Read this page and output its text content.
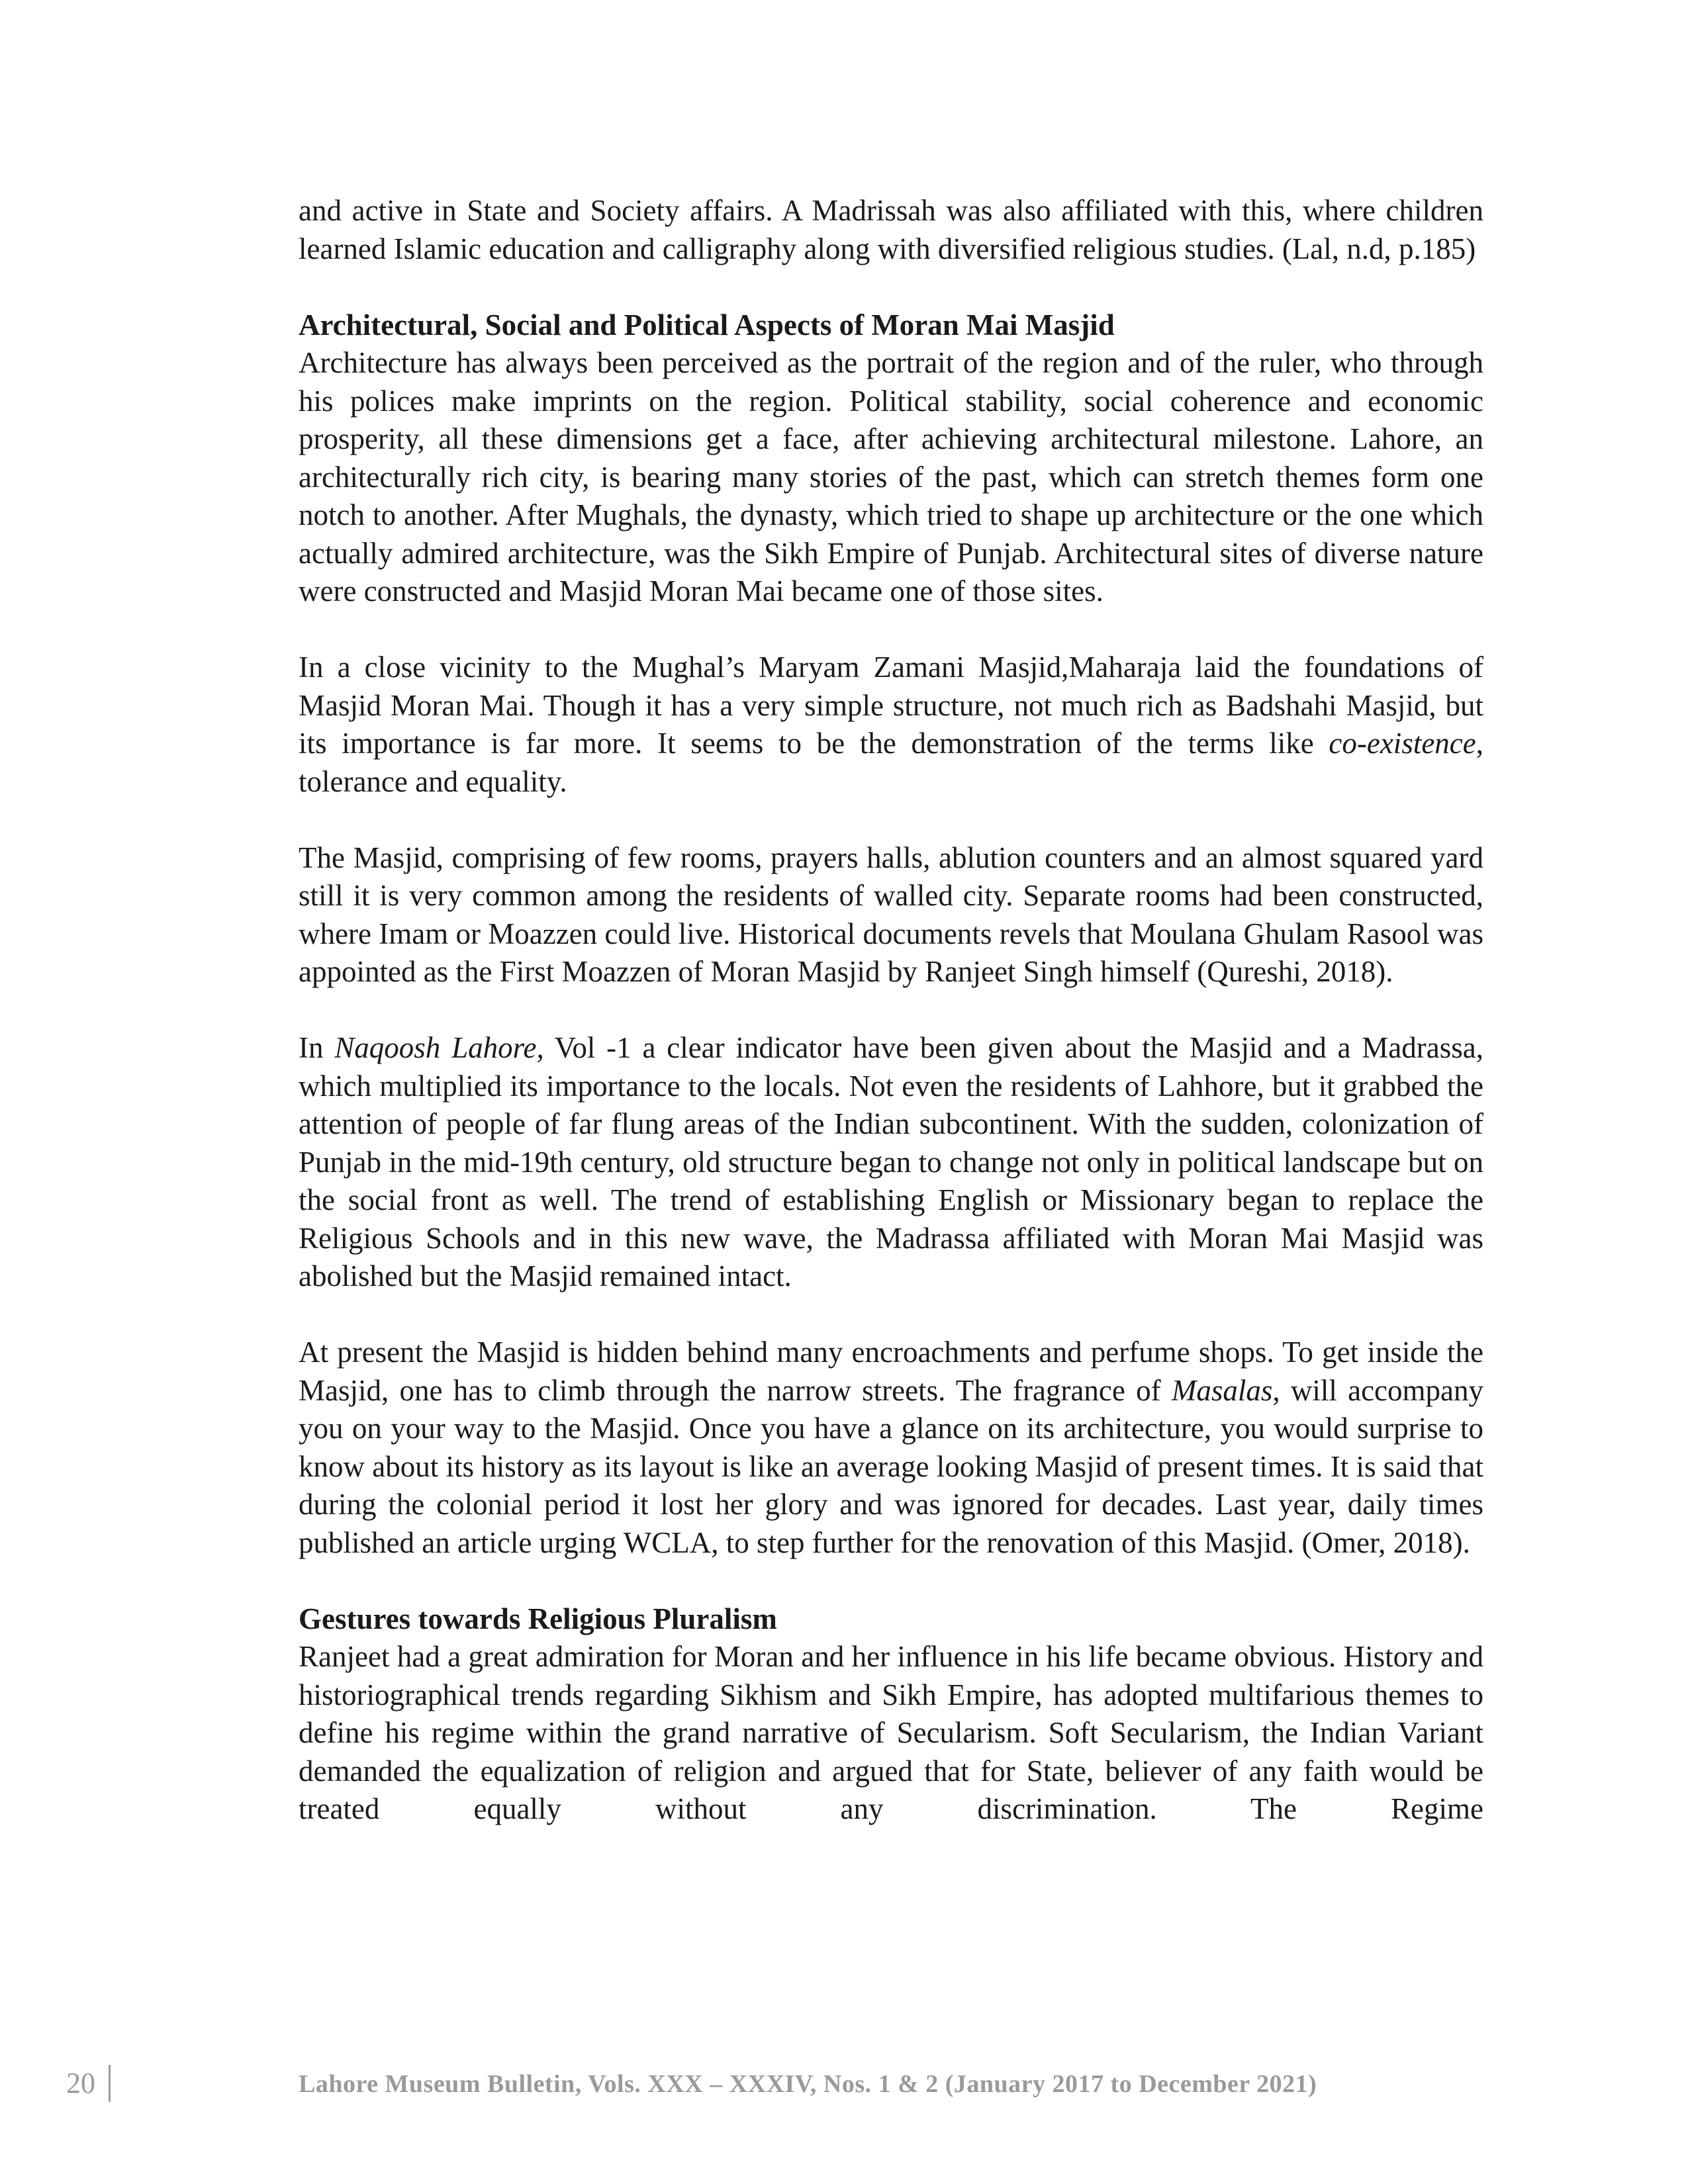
and active in State and Society affairs. A Madrissah was also affiliated with this, where children learned Islamic education and calligraphy along with diversified religious studies. (Lal, n.d, p.185)

Architectural, Social and Political Aspects of Moran Mai Masjid

Architecture has always been perceived as the portrait of the region and of the ruler, who through his polices make imprints on the region. Political stability, social coherence and economic prosperity, all these dimensions get a face, after achieving architectural milestone. Lahore, an architecturally rich city, is bearing many stories of the past, which can stretch themes form one notch to another. After Mughals, the dynasty, which tried to shape up architecture or the one which actually admired architecture, was the Sikh Empire of Punjab. Architectural sites of diverse nature were constructed and Masjid Moran Mai became one of those sites.

In a close vicinity to the Mughal’s Maryam Zamani Masjid,Maharaja laid the foundations of Masjid Moran Mai. Though it has a very simple structure, not much rich as Badshahi Masjid, but its importance is far more. It seems to be the demonstration of the terms like co-existence, tolerance and equality.

The Masjid, comprising of few rooms, prayers halls, ablution counters and an almost squared yard still it is very common among the residents of walled city. Separate rooms had been constructed, where Imam or Moazzen could live. Historical documents revels that Moulana Ghulam Rasool was appointed as the First Moazzen of Moran Masjid by Ranjeet Singh himself (Qureshi, 2018).

In Naqoosh Lahore, Vol -1 a clear indicator have been given about the Masjid and a Madrassa, which multiplied its importance to the locals. Not even the residents of Lahhore, but it grabbed the attention of people of far flung areas of the Indian subcontinent. With the sudden, colonization of Punjab in the mid-19th century, old structure began to change not only in political landscape but on the social front as well. The trend of establishing English or Missionary began to replace the Religious Schools and in this new wave, the Madrassa affiliated with Moran Mai Masjid was abolished but the Masjid remained intact.

At present the Masjid is hidden behind many encroachments and perfume shops. To get inside the Masjid, one has to climb through the narrow streets. The fragrance of Masalas, will accompany you on your way to the Masjid. Once you have a glance on its architecture, you would surprise to know about its history as its layout is like an average looking Masjid of present times. It is said that during the colonial period it lost her glory and was ignored for decades. Last year, daily times published an article urging WCLA, to step further for the renovation of this Masjid. (Omer, 2018).

Gestures towards Religious Pluralism

Ranjeet had a great admiration for Moran and her influence in his life became obvious. History and historiographical trends regarding Sikhism and Sikh Empire, has adopted multifarious themes to define his regime within the grand narrative of Secularism. Soft Secularism, the Indian Variant demanded the equalization of religion and argued that for State, believer of any faith would be treated equally without any discrimination. The Regime

20	Lahore Museum Bulletin, Vols. XXX – XXXIV, Nos. 1 & 2 (January 2017 to December 2021)
